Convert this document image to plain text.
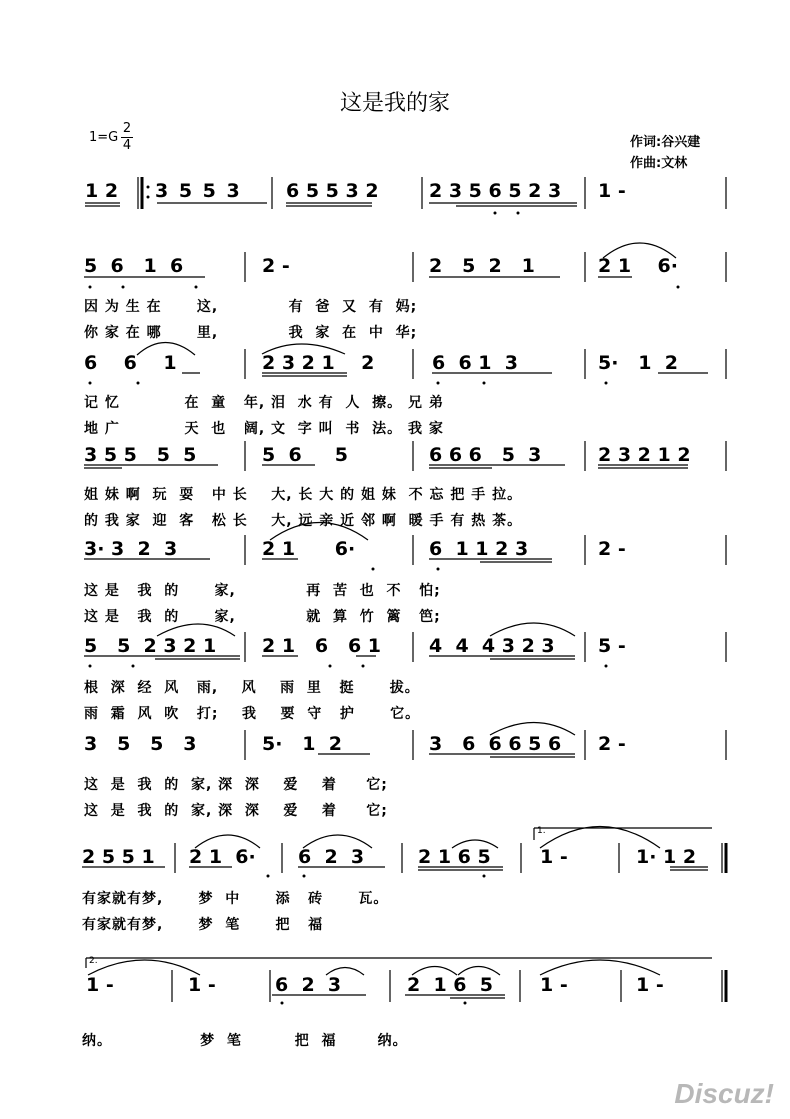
这是我的家
1=G
2
4	作词:谷兴建
作曲:文林
1 2 3 5 5 3 6 5 5 3 2	2 3 5 6 5 2 3 1 -
5  6   1  6	2 -	2   5  2   1	2 1    6·
因 为 生 在      这,            有  爸  又  有  妈;
你 家 在 哪      里,            我  家  在  中  华;
6    6    1	2 3 2 1    2	6  6 1  3	5·   1  2
记 忆           在  童   年, 泪  水 有  人  擦。 兄 弟
地 广           天  也   阔, 文  字 叫  书  法。 我 家
3 5 5   5  5	5  6     5	6 6 6   5  3	2 3 2 1 2
姐 妹 啊  玩  耍   中 长    大, 长 大 的 姐 妹  不 忘 把 手 拉。
的 我 家  迎  客   松 长    大, 远 亲 近 邻 啊  暖 手 有 热 茶。
3· 3  2  3	2 1      6·	6  1 1 2 3	2 -
这 是   我  的      家,            再  苦  也  不   怕;
这 是   我  的      家,            就  算  竹  篱   笆;
5   5  2 3 2 1 2 1   6   6 1	4  4  4 3 2 3 5 -
根  深  经  风   雨,    风    雨  里   挺      拔。
雨  霜  风  吹   打;    我    要  守   护      它。
3   5   5   3	5·   1  2	3   6  6 6 5 6 2 -
这  是  我  的  家, 深  深    爱    着     它;
这  是  我  的  家, 深  深    爱    着     它;
1.
2 5 5 1 2 1  6· 6  2  3	2 1 6 5	1 -	1· 1 2
有家就有梦,      梦  中      添   砖      瓦。
有家就有梦,      梦  笔      把   福
2.
1 -	1 -	6  2  3	2  1 6  5 1 -	1 -
纳。               梦  笔         把  福       纳。
Discuz!
